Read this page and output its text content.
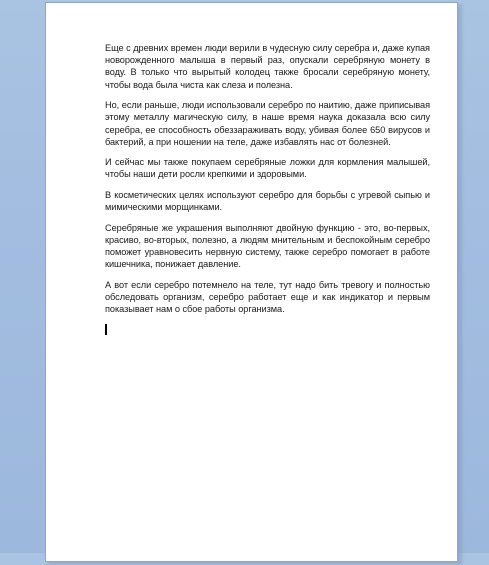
Еще с древних времен люди верили в чудесную силу серебра и, даже купая новорожденного малыша в первый раз, опускали серебряную монету в воду. В только что вырытый колодец также бросали серебряную монету, чтобы вода была чиста как слеза и полезна.

Но, если раньше, люди использовали серебро по наитию, даже приписывая этому металлу магическую силу, в наше время наука доказала всю силу серебра, ее способность обеззараживать воду, убивая более 650 вирусов и бактерий, а при ношении на теле, даже избавлять нас от болезней.

И сейчас мы также покупаем серебряные ложки для кормления малышей, чтобы наши дети росли крепкими и здоровыми.

В косметических целях используют серебро для борьбы с угревой сыпью и мимическими морщинками.

Серебряные же украшения выполняют двойную функцию - это, во-первых, красиво, во-вторых, полезно, а людям мнительным и беспокойным серебро поможет уравновесить нервную систему, также серебро помогает в работе кишечника, понижает давление.

А вот если серебро потемнело на теле, тут надо бить тревогу и полностью обследовать организм, серебро работает еще и как индикатор и первым показывает нам о сбое работы организма.
